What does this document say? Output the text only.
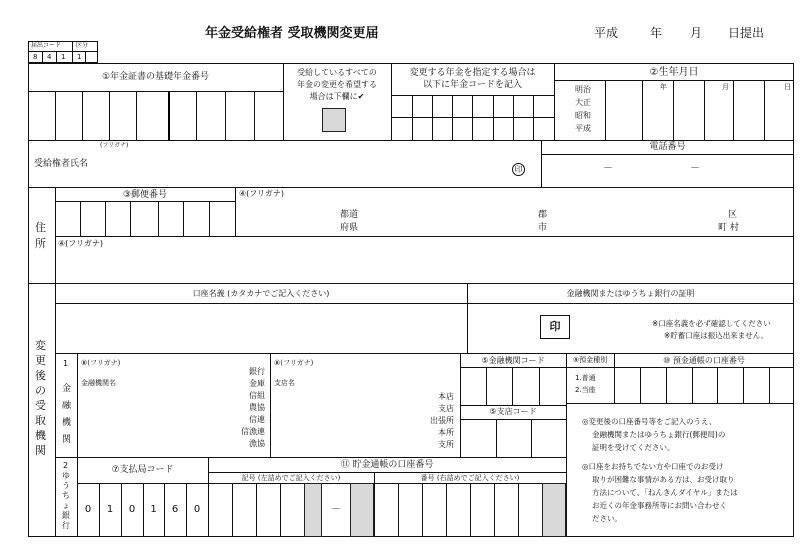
年金受給権者 受取機関変更届	平成	年 月 日提出
届出コード 区分
8 4 1 1
①年金証書の基礎年金番号	受給しているすべての
年金の変更を希望する
場合は下欄に✔
変更する年金を指定する場合は
以下に年金コードを記入
②生年月日
明治
大正
昭和
平成
年	月	日
(フリガナ)
受給権者氏名
印
電話番号
－	－
住
所
③郵便番号	④(フリガナ)
都道
府県
郡
市
区
町 村
④(フリガナ)
変
更
後
の
受
取
機
関
口座名義 (カタカナでご記入ください)	金融機関またはゆうちょ銀行の証明
印	※口座名義を必ず確認してください
※貯蓄口座は振込出来ません。
1
金
融
機
関
⑧(フリガナ)
金融機関名
銀行
金庫
信組
農協
信連
信漁連
漁協
⑧(フリガナ)
支店名
本店
支店
出張所
本所
支所
⑤金融機関コード
⑤支店コード
⑨預金種別	⑩ 預金通帳の口座番号
1.普通
2.当座
◎変更後の口座番号等をご記入のうえ、
金融機関またはゆうちょ銀行(郵便局)の
証明を受けてください。
◎口座をお持ちでない方や口座でのお受け
取りが困難な事情がある方は、お受け取り
方法について、「ねんきんダイヤル」または
お近くの年金事務所等にお問い合わせく
ださい。
2
ゆ
う
ち
ょ
銀
行
⑦支払局コード
0	1	0	1	6	0
⑪ 貯金通帳の口座番号
記号 (左詰めでご記入ください)	番号 (右詰めでご記入ください)
－
